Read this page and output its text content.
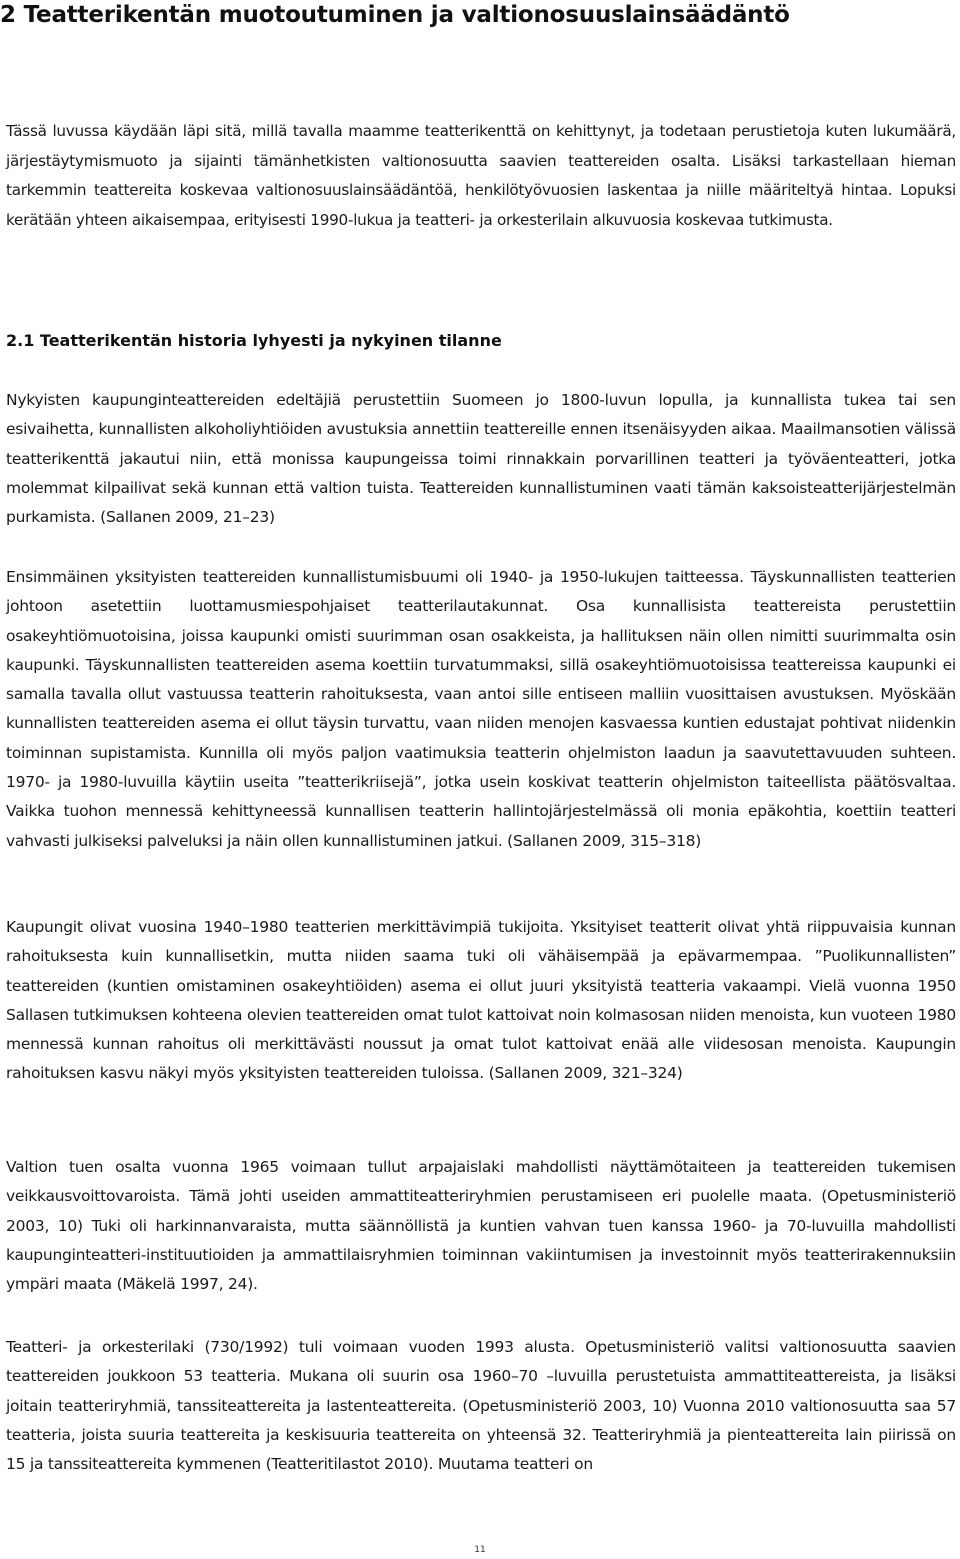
2 Teatterikentän muotoutuminen ja valtionosuuslainsäädäntö

Tässä luvussa käydään läpi sitä, millä tavalla maamme teatterikenttä on kehittynyt, ja todetaan perustietoja kuten lukumäärä, järjestäytymismuoto ja sijainti tämänhetkisten valtionosuutta saavien teattereiden osalta. Lisäksi tarkastellaan hieman tarkemmin teattereita koskevaa valtionosuuslainsäädäntöä, henkilötyövuosien laskentaa ja niille määriteltyä hintaa. Lopuksi kerätään yhteen aikaisempaa, erityisesti 1990-lukua ja teatteri- ja orkesterilain alkuvuosia koskevaa tutkimusta.

2.1 Teatterikentän historia lyhyesti ja nykyinen tilanne

Nykyisten kaupunginteattereiden edeltäjiä perustettiin Suomeen jo 1800-luvun lopulla, ja kunnallista tukea tai sen esivaihetta, kunnallisten alkoholiyhtiöiden avustuksia annettiin teattereille ennen itsenäisyyden aikaa. Maailmansotien välissä teatterikenttä jakautui niin, että monissa kaupungeissa toimi rinnakkain porvarillinen teatteri ja työväenteatteri, jotka molemmat kilpailivat sekä kunnan että valtion tuista. Teattereiden kunnallistuminen vaati tämän kaksoisteatterijärjestelmän purkamista. (Sallanen 2009, 21–23)

Ensimmäinen yksityisten teattereiden kunnallistumisbuumi oli 1940- ja 1950-lukujen taitteessa. Täyskunnallisten teatterien johtoon asetettiin luottamusmiespohjaiset teatterilautakunnat. Osa kunnallisista teattereista perustettiin osakeyhtiömuotoisina, joissa kaupunki omisti suurimman osan osakkeista, ja hallituksen näin ollen nimitti suurimmalta osin kaupunki. Täyskunnallisten teattereiden asema koettiin turvatummaksi, sillä osakeyhtiömuotoisissa teattereissa kaupunki ei samalla tavalla ollut vastuussa teatterin rahoituksesta, vaan antoi sille entiseen malliin vuosittaisen avustuksen. Myöskään kunnallisten teattereiden asema ei ollut täysin turvattu, vaan niiden menojen kasvaessa kuntien edustajat pohtivat niidenkin toiminnan supistamista. Kunnilla oli myös paljon vaatimuksia teatterin ohjelmiston laadun ja saavutettavuuden suhteen. 1970- ja 1980-luvuilla käytiin useita ”teatterikriisejä”, jotka usein koskivat teatterin ohjelmiston taiteellista päätösvaltaa. Vaikka tuohon mennessä kehittyneessä kunnallisen teatterin hallintojärjestelmässä oli monia epäkohtia, koettiin teatteri vahvasti julkiseksi palveluksi ja näin ollen kunnallistuminen jatkui. (Sallanen 2009, 315–318)

Kaupungit olivat vuosina 1940–1980 teatterien merkittävimpiä tukijoita. Yksityiset teatterit olivat yhtä riippuvaisia kunnan rahoituksesta kuin kunnallisetkin, mutta niiden saama tuki oli vähäisempää ja epävarmempaa. ”Puolikunnallisten” teattereiden (kuntien omistaminen osakeyhtiöiden) asema ei ollut juuri yksityistä teatteria vakaampi. Vielä vuonna 1950 Sallasen tutkimuksen kohteena olevien teattereiden omat tulot kattoivat noin kolmasosan niiden menoista, kun vuoteen 1980 mennessä kunnan rahoitus oli merkittävästi noussut ja omat tulot kattoivat enää alle viidesosan menoista. Kaupungin rahoituksen kasvu näkyi myös yksityisten teattereiden tuloissa. (Sallanen 2009, 321–324)

Valtion tuen osalta vuonna 1965 voimaan tullut arpajaislaki mahdollisti näyttämötaiteen ja teattereiden tukemisen veikkausvoittovaroista. Tämä johti useiden ammattiteatteriryhmien perustamiseen eri puolelle maata. (Opetusministeriö 2003, 10) Tuki oli harkinnanvaraista, mutta säännöllistä ja kuntien vahvan tuen kanssa 1960- ja 70-luvuilla mahdollisti kaupunginteatteri-instituutioiden ja ammattilaisryhmien toiminnan vakiintumisen ja investoinnit myös teatterirakennuksiin ympäri maata (Mäkelä 1997, 24).

Teatteri- ja orkesterilaki (730/1992) tuli voimaan vuoden 1993 alusta. Opetusministeriö valitsi valtionosuutta saavien teattereiden joukkoon 53 teatteria. Mukana oli suurin osa 1960–70 –luvuilla perustetuista ammattiteattereista, ja lisäksi joitain teatteriryhmiä, tanssiteattereita ja lastenteattereita. (Opetusministeriö 2003, 10) Vuonna 2010 valtionosuutta saa 57 teatteria, joista suuria teattereita ja keskisuuria teattereita on yhteensä 32. Teatteriryhmiä ja pienteattereita lain piirissä on 15 ja tanssiteattereita kymmenen (Teatteritilastot 2010). Muutama teatteri on

11
